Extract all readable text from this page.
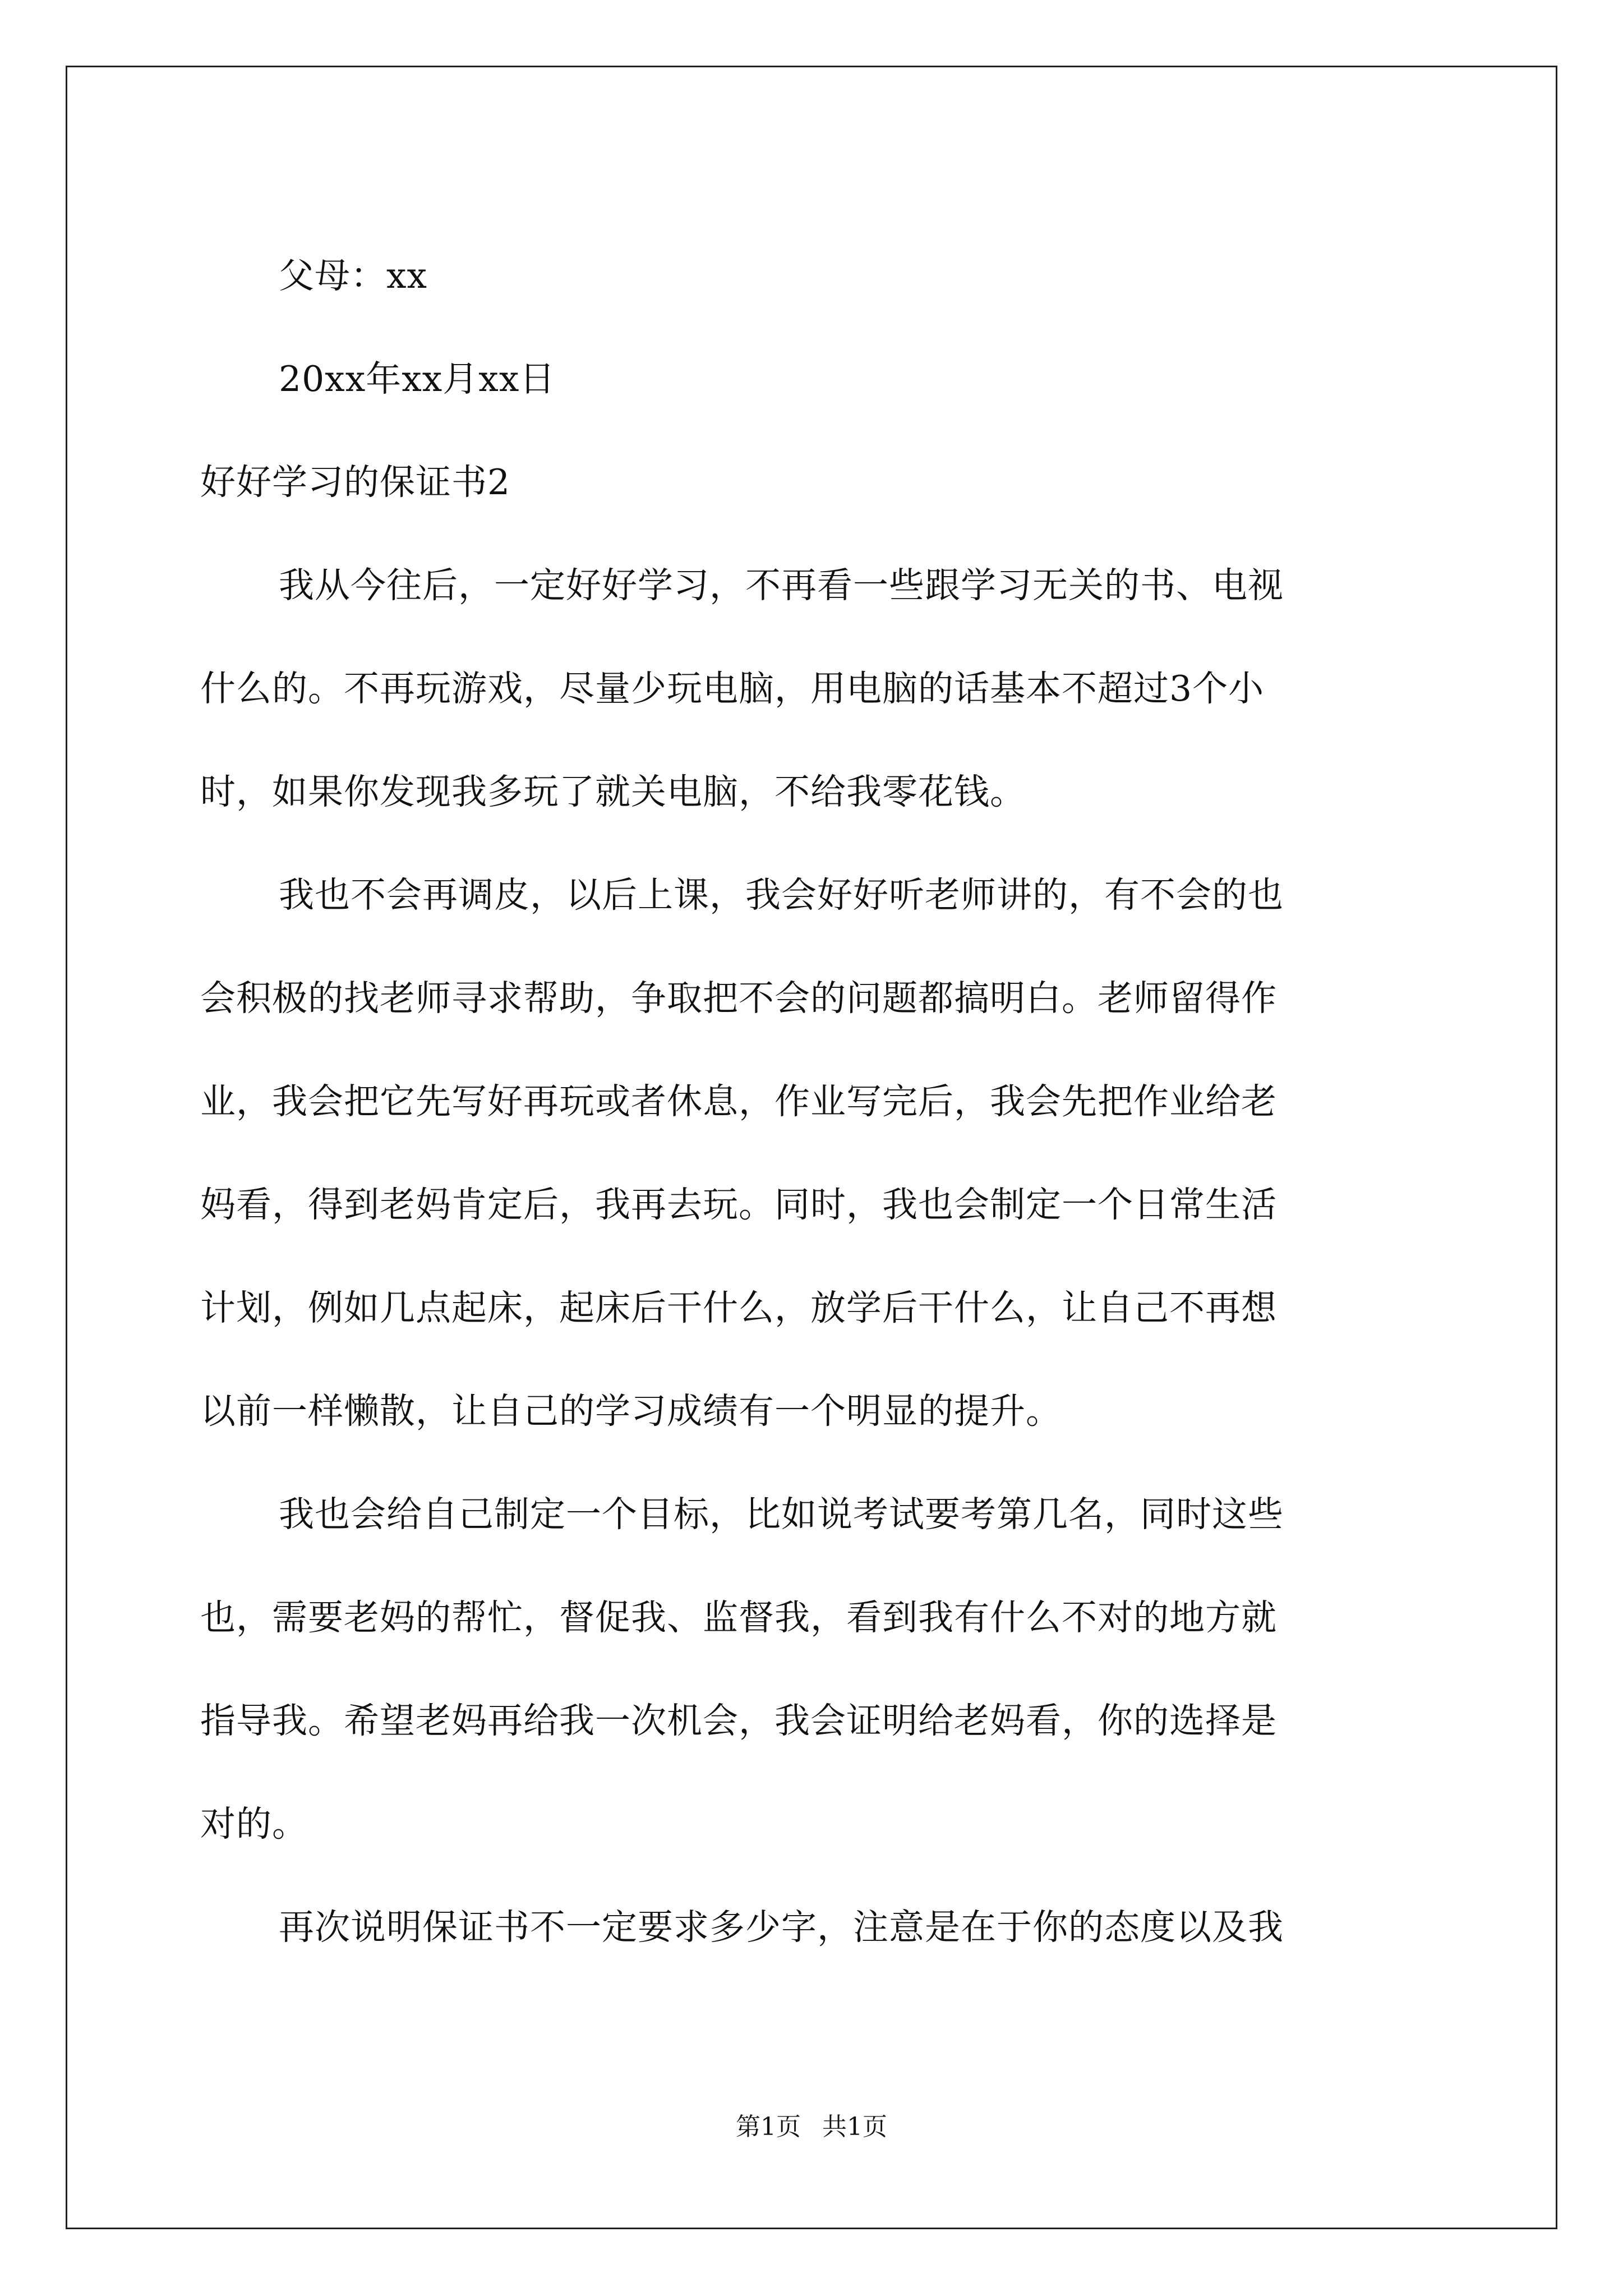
父母：xx
20xx年xx月xx日
好好学习的保证书2
我从今往后，一定好好学习，不再看一些跟学习无关的书、电视
什么的。不再玩游戏，尽量少玩电脑，用电脑的话基本不超过3个小
时，如果你发现我多玩了就关电脑，不给我零花钱。
我也不会再调皮，以后上课，我会好好听老师讲的，有不会的也
会积极的找老师寻求帮助，争取把不会的问题都搞明白。老师留得作
业，我会把它先写好再玩或者休息，作业写完后，我会先把作业给老
妈看，得到老妈肯定后，我再去玩。同时，我也会制定一个日常生活
计划，例如几点起床，起床后干什么，放学后干什么，让自己不再想
以前一样懒散，让自己的学习成绩有一个明显的提升。
我也会给自己制定一个目标，比如说考试要考第几名，同时这些
也，需要老妈的帮忙，督促我、监督我，看到我有什么不对的地方就
指导我。希望老妈再给我一次机会，我会证明给老妈看，你的选择是
对的。
再次说明保证书不一定要求多少字，注意是在于你的态度以及我
第1页 共1页
